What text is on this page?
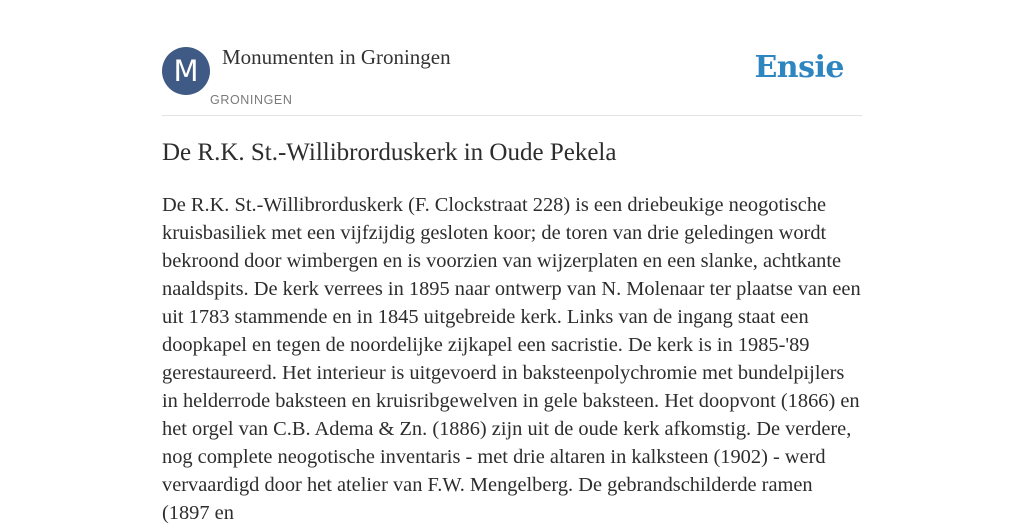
M	Monumenten in Groningen
GRONINGEN
Ensie
De R.K. St.-Willibrorduskerk in Oude Pekela

De R.K. St.-Willibrorduskerk (F. Clockstraat 228) is een driebeukige neogotische kruisbasiliek met een vijfzijdig gesloten koor; de toren van drie geledingen wordt bekroond door wimbergen en is voorzien van wijzerplaten en een slanke, achtkante naaldspits. De kerk verrees in 1895 naar ontwerp van N. Molenaar ter plaatse van een uit 1783 stammende en in 1845 uitgebreide kerk. Links van de ingang staat een doopkapel en tegen de noordelijke zijkapel een sacristie. De kerk is in 1985-'89 gerestaureerd. Het interieur is uitgevoerd in baksteenpolychromie met bundelpijlers in helderrode baksteen en kruisribgewelven in gele baksteen. Het doopvont (1866) en het orgel van C.B. Adema & Zn. (1886) zijn uit de oude kerk afkomstig. De verdere, nog complete neogotische inventaris - met drie altaren in kalksteen (1902) - werd vervaardigd door het atelier van F.W. Mengelberg. De gebrandschilderde ramen (1897 en
